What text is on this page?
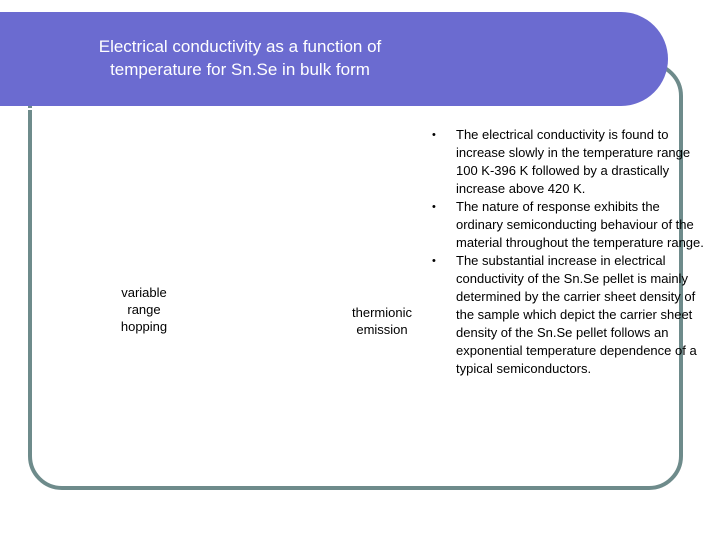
Electrical conductivity as a function of
temperature for Sn.Se in bulk form
variable
range
hopping
thermionic
emission
• The electrical conductivity is found to increase slowly in the temperature range 100 K-396 K followed by a drastically increase above 420 K.
• The nature of response exhibits the ordinary semiconducting behaviour of the material throughout the temperature range.
• The substantial increase in electrical conductivity of the Sn.Se pellet is mainly determined by the carrier sheet density of the sample which depict the carrier sheet density of the Sn.Se pellet follows an exponential temperature dependence of a typical semiconductors.
